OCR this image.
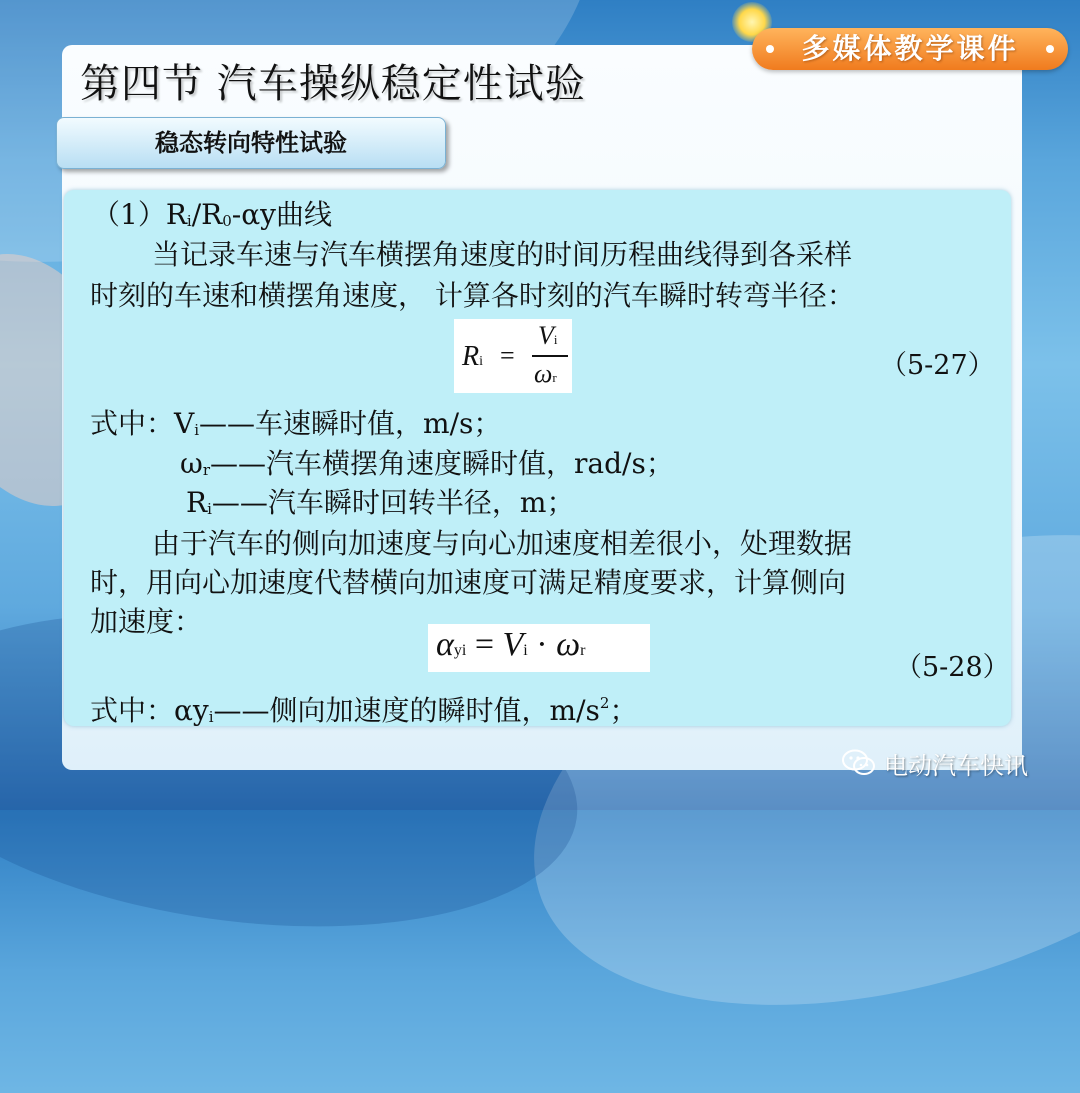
多媒体教学课件
第四节 汽车操纵稳定性试验
稳态转向特性试验
$(1)R_i/R_0-\alpha y$曲线
当记录车速与汽车横摆角速度的时间历程曲线得到各采样
时刻的车速和横摆角速度， 计算各时刻的汽车瞬时转弯半径：
Ri =
Vi
ωr	（5-27）
式中：$V_i——$车速瞬时值，m/s；
$\omega_r——$汽车横摆角速度瞬时值，rad/s；
$R_i——$汽车瞬时回转半径，m；
由于汽车的侧向加速度与向心加速度相差很小，处理数据
时，用向心加速度代替横向加速度可满足精度要求，计算侧向
加速度：
αyi = Vi · ωr
（5-28）
式中：$\alpha y_i——$侧向加速度的瞬时值，$m/s^2$；
电动汽车快讯
